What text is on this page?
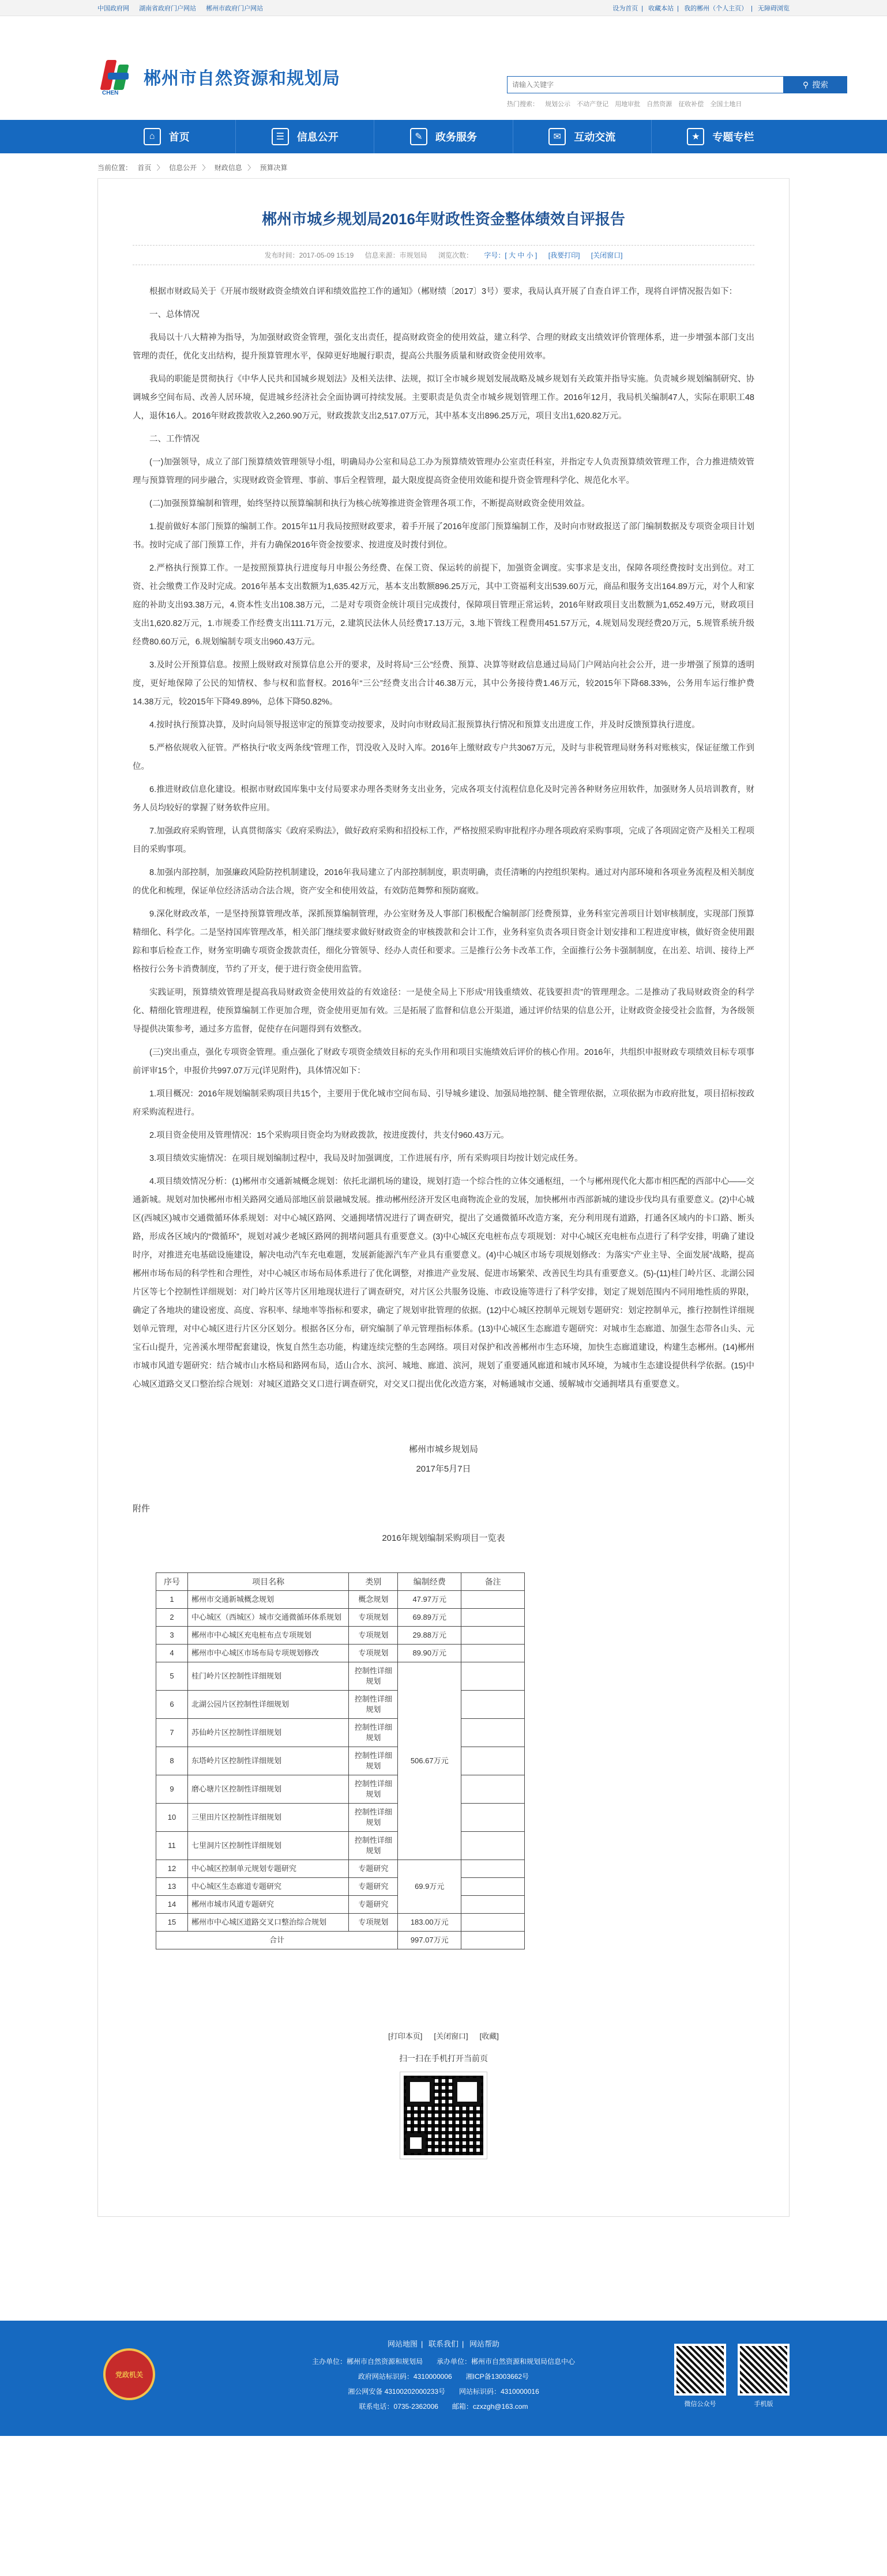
中国政府网 湖南省政府门户网站 郴州市政府门户网站	设为首页 | 收藏本站 | 我的郴州（个人主页） | 无障碍浏览
CHEN
郴州市自然资源和规划局
请输入关键字	⚲ 搜索
热门搜索： 规划公示 不动产登记 用地审批 自然资源 征收补偿 全国土地日
⌂	首页	☰	信息公开	✎	政务服务	✉	互动交流	★	专题专栏
当前位置： 首页 〉 信息公开 〉 财政信息 〉 预算决算
郴州市城乡规划局2016年财政性资金整体绩效自评报告
发布时间：2017-05-09 15:19 信息来源：市规划局 浏览次数： 字号：[ 大 中 小 ] [我要打印] [关闭窗口]

根据市财政局关于《开展市级财政资金绩效自评和绩效监控工作的通知》（郴财绩〔2017〕3号）要求，我局认真开展了自查自评工作，现将自评情况报告如下：

一、总体情况

我局以十八大精神为指导，为加强财政资金管理，强化支出责任，提高财政资金的使用效益，建立科学、合理的财政支出绩效评价管理体系，进一步增强本部门支出管理的责任，优化支出结构，提升预算管理水平，保障更好地履行职责，提高公共服务质量和财政资金使用效率。

我局的职能是贯彻执行《中华人民共和国城乡规划法》及相关法律、法规，拟订全市城乡规划发展战略及城乡规划有关政策并指导实施。负责城乡规划编制研究、协调城乡空间布局、改善人居环境，促进城乡经济社会全面协调可持续发展。主要职责是负责全市城乡规划管理工作。2016年12月，我局机关编制47人，实际在职职工48人，退休16人。2016年财政拨款收入2,260.90万元，财政拨款支出2,517.07万元，其中基本支出896.25万元，项目支出1,620.82万元。

二、工作情况

(一)加强领导，成立了部门预算绩效管理领导小组，明确局办公室和局总工办为预算绩效管理办公室责任科室，并指定专人负责预算绩效管理工作，合力推进绩效管理与预算管理的同步融合，实现财政资金管理、事前、事后全程管理，最大限度提高资金使用效能和提升资金管理科学化、规范化水平。

(二)加强预算编制和管理，始终坚持以预算编制和执行为核心统筹推进资金管理各项工作，不断提高财政资金使用效益。

1.提前做好本部门预算的编制工作。2015年11月我局按照财政要求，着手开展了2016年度部门预算编制工作，及时向市财政报送了部门编制数据及专项资金项目计划书。按时完成了部门预算工作，并有力确保2016年资金按要求、按进度及时拨付到位。

2.严格执行预算工作。一是按照预算执行进度每月申报公务经费、在保工资、保运转的前提下，加强资金调度。实事求是支出，保障各项经费按时支出到位。对工资、社会缴费工作及时完成。2016年基本支出数额为1,635.42万元，基本支出数额896.25万元，其中工资福利支出539.60万元，商品和服务支出164.89万元，对个人和家庭的补助支出93.38万元，4.资本性支出108.38万元，二是对专项资金统计项目完成拨付，保障项目管理正常运转，2016年财政项目支出数额为1,652.49万元，财政项目支出1,620.82万元，1.市规委工作经费支出111.71万元，2.建筑民法休人员经费17.13万元，3.地下管线工程费用451.57万元，4.规划局发现经费20万元，5.规管系统升级经费80.60万元，6.规划编制专项支出960.43万元。

3.及时公开预算信息。按照上级财政对预算信息公开的要求，及时将局“三公”经费、预算、决算等财政信息通过局局门户网站向社会公开，进一步增强了预算的透明度，更好地保障了公民的知情权、参与权和监督权。2016年“三公”经费支出合计46.38万元，其中公务接待费1.46万元，较2015年下降68.33%，公务用车运行维护费14.38万元，较2015年下降49.89%，总体下降50.82%。

4.按时执行预算决算，及时向局领导报送审定的预算变动按要求，及时向市财政局汇报预算执行情况和预算支出进度工作，并及时反馈预算执行进度。

5.严格依规收入征管。严格执行“收支两条线”管理工作，罚没收入及时入库。2016年上缴财政专户共3067万元，及时与非税管理局财务科对账核实，保证征缴工作到位。

6.推进财政信息化建设。根据市财政国库集中支付局要求办理各类财务支出业务，完成各项支付流程信息化及时完善各种财务应用软件，加强财务人员培训教育，财务人员均较好的掌握了财务软件应用。

7.加强政府采购管理，认真贯彻落实《政府采购法》，做好政府采购和招投标工作，严格按照采购审批程序办理各项政府采购事项，完成了各项固定资产及相关工程项目的采购事项。

8.加强内部控制，加强廉政风险防控机制建设，2016年我局建立了内部控制制度，职责明确，责任清晰的内控组织架构。通过对内部环境和各项业务流程及相关制度的优化和梳理，保证单位经济活动合法合规，资产安全和使用效益，有效防范舞弊和预防腐败。

9.深化财政改革，一是坚持预算管理改革，深抓预算编制管理，办公室财务及人事部门积极配合编制部门经费预算，业务科室完善项目计划审核制度，实现部门预算精细化、科学化。二是坚持国库管理改革，相关部门继续要求做好财政资金的审核拨款和会计工作，业务科室负责各项目资金计划安排和工程进度审核，做好资金使用跟踪和事后检查工作，财务室明确专项资金拨款责任，细化分管领导、经办人责任和要求。三是推行公务卡改革工作，全面推行公务卡强制制度，在出差、培训、接待上严格按行公务卡消费制度，节约了开支，便于进行资金使用监管。

实践证明，预算绩效管理是提高我局财政资金使用效益的有效途径：一是使全局上下形成“用钱重绩效、花钱要担责”的管理理念。二是推动了我局财政资金的科学化、精细化管理进程，使预算编制工作更加合理，资金使用更加有效。三是拓展了监督和信息公开渠道，通过评价结果的信息公开，让财政资金接受社会监督，为各级领导提供决策参考，通过多方监督，促使存在问题得到有效整改。

(三)突出重点，强化专项资金管理。重点强化了财政专项资金绩效目标的充头作用和项目实施绩效后评价的核心作用。2016年，共组织申报财政专项绩效目标专项事前评审15个，申报价共997.07万元(详见附件)，具体情况如下：

1.项目概况：2016年规划编制采购项目共15个，主要用于优化城市空间布局、引导城乡建设、加强局地控制、健全管理依据，立项依据为市政府批复，项目招标按政府采购流程进行。

2.项目资金使用及管理情况：15个采购项目资金均为财政拨款，按进度拨付，共支付960.43万元。

3.项目绩效实施情况：在项目规划编制过程中，我局及时加强调度，工作进展有序，所有采购项目均按计划完成任务。

4.项目绩效情况分析：(1)郴州市交通新城概念规划：依托北湖机场的建设，规划打造一个综合性的立体交通枢纽，一个与郴州现代化大都市相匹配的西部中心——交通新城。规划对加快郴州市相关路网交通局部地区前景融城发展。推动郴州经济开发区电商物流企业的发展，加快郴州市西部新城的建设步伐均具有重要意义。(2)中心城区(西城区)城市交通微循环体系规划：对中心城区路网、交通拥堵情况进行了调查研究，提出了交通微循环改造方案，充分利用现有道路，打通各区域内的卡口路、断头路，形成各区域内的“微循环”，规划对减少老城区路网的拥堵问题具有重要意义。(3)中心城区充电桩布点专项规划：对中心城区充电桩布点进行了科学安排，明确了建设时序，对推进充电基础设施建设，解决电动汽车充电难题，发展新能源汽车产业具有重要意义。(4)中心城区市场专项规划修改：为落实“产业主导、全面发展”战略，提高郴州市场布局的科学性和合理性，对中心城区市场布局体系进行了优化调整，对推进产业发展、促进市场繁荣、改善民生均具有重要意义。(5)-(11)桂门岭片区、北湖公园片区等七个控制性详细规划：对门岭片区等片区用地现状进行了调查研究，对片区公共服务设施、市政设施等进行了科学安排，划定了规划范围内不同用地性质的界限，确定了各地块的建设密度、高度、容积率、绿地率等指标和要求，确定了规划审批管理的依据。(12)中心城区控制单元规划专题研究：划定控制单元，推行控制性详细规划单元管理，对中心城区进行片区分区划分。根据各区分布，研究编制了单元管理指标体系。(13)中心城区生态廊道专题研究：对城市生态廊道、加强生态带各山头、元宝石山提升，完善溪水埋带配套建设，恢复自然生态功能，构建连续完整的生态网络。项目对保护和改善郴州市生态环境，加快生态廊道建设，构建生态郴州。(14)郴州市城市风道专题研究：结合城市山水格局和路网布局，适山合水、滨河、城地、廊道、滨河，规划了重要通风廊道和城市风环境，为城市生态建设提供科学依据。(15)中心城区道路交叉口整治综合规划：对城区道路交叉口进行调查研究，对交叉口提出优化改造方案，对畅通城市交通、缓解城市交通拥堵具有重要意义。

郴州市城乡规划局
2017年5月7日
附件
2016年规划编制采购项目一览表
序号	项目名称	类别	编制经费	备注
1	郴州市交通新城概念规划	概念规划	47.97万元	
2	中心城区（西城区）城市交通微循环体系规划	专项规划	69.89万元	
3	郴州市中心城区充电桩布点专项规划	专项规划	29.88万元	
4	郴州市中心城区市场布局专项规划修改	专项规划	89.90万元	
5	桂门岭片区控制性详细规划	控制性详细规划	506.67万元	
6	北湖公园片区控制性详细规划	控制性详细规划		
7	苏仙岭片区控制性详细规划	控制性详细规划		
8	东塔岭片区控制性详细规划	控制性详细规划		
9	磨心塘片区控制性详细规划	控制性详细规划		
10	三里田片区控制性详细规划	控制性详细规划		
11	七里洞片区控制性详细规划	控制性详细规划		
12	中心城区控制单元规划专题研究	专题研究	69.9万元	
13	中心城区生态廊道专题研究	专题研究		
14	郴州市城市风道专题研究	专题研究		
15	郴州市中心城区道路交叉口整治综合规划	专项规划	183.00万元	
合计			997.07万元	
[打印本页] [关闭窗口] [收藏]
扫一扫在手机打开当前页
党政机关
网站地图 | 联系我们 | 网站帮助
主办单位：郴州市自然资源和规划局　　承办单位：郴州市自然资源和规划局信息中心
政府网站标识码：4310000006　　湘ICP备13003662号
湘公网安备 43100202000233号　　网站标识码：4310000016
联系电话：0735-2362006　　邮箱：czxzgh@163.com	微信公众号	手机版
